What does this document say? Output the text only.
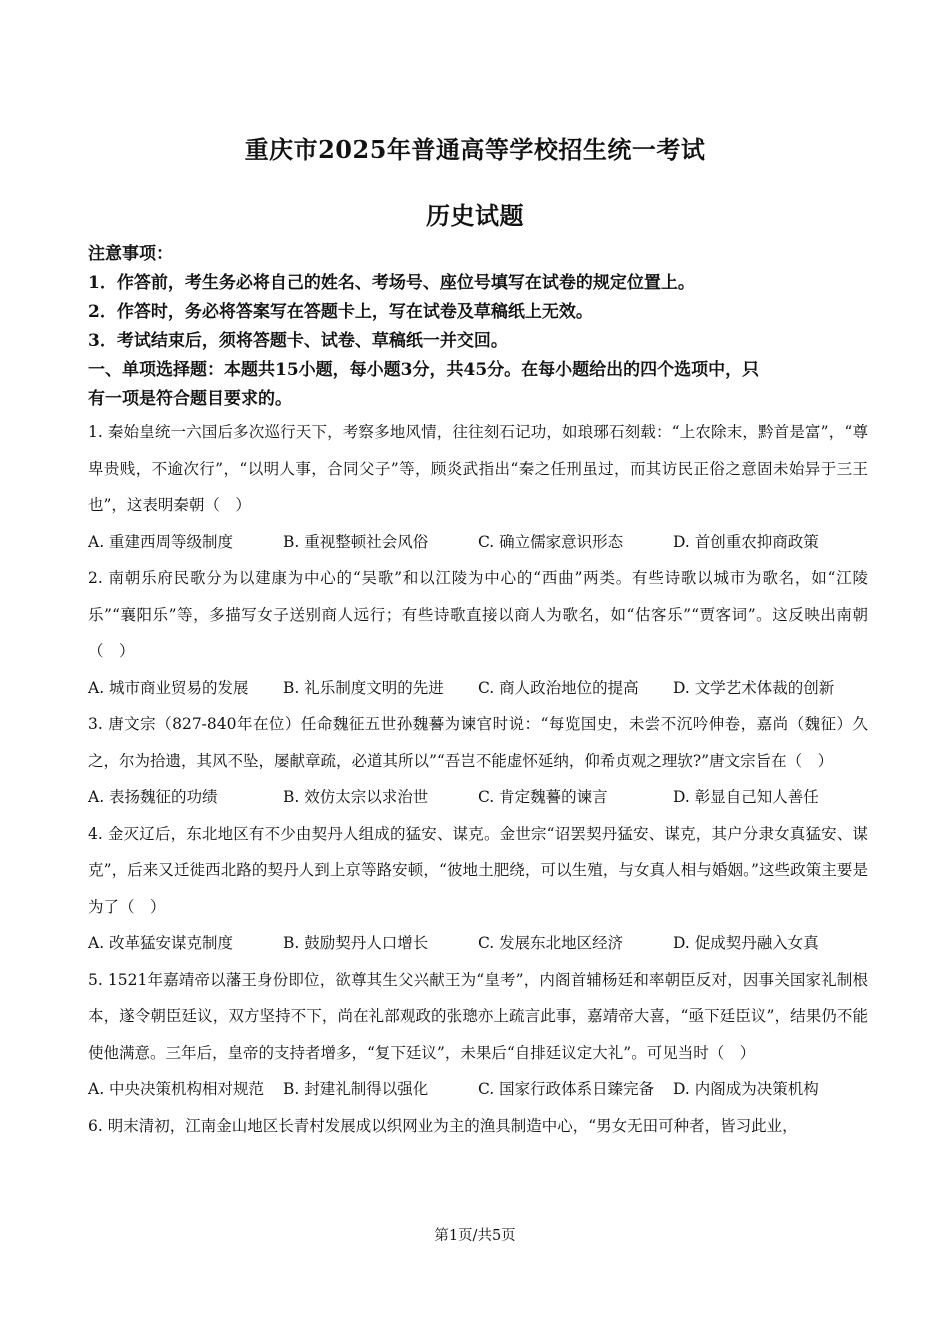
重庆市2025年普通高等学校招生统一考试
历史试题
注意事项：
1．作答前，考生务必将自己的姓名、考场号、座位号填写在试卷的规定位置上。
2．作答时，务必将答案写在答题卡上，写在试卷及草稿纸上无效。
3．考试结束后，须将答题卡、试卷、草稿纸一并交回。
一、单项选择题：本题共15小题，每小题3分，共45分。在每小题给出的四个选项中，只
有一项是符合题目要求的。
1. 秦始皇统一六国后多次巡行天下，考察多地风情，往往刻石记功，如琅琊石刻载：“上农除末，黔首是富”，“尊卑贵贱，不逾次行”，“以明人事，合同父子”等，顾炎武指出“秦之任刑虽过，而其访民正俗之意固未始异于三王也”，这表明秦朝（　）
A. 重建西周等级制度	B. 重视整顿社会风俗	C. 确立儒家意识形态	D. 首创重农抑商政策
2. 南朝乐府民歌分为以建康为中心的“吴歌”和以江陵为中心的“西曲”两类。有些诗歌以城市为歌名，如“江陵乐”“襄阳乐”等，多描写女子送别商人远行；有些诗歌直接以商人为歌名，如“估客乐”“贾客词”。这反映出南朝（　）
A. 城市商业贸易的发展	B. 礼乐制度文明的先进	C. 商人政治地位的提高	D. 文学艺术体裁的创新
3. 唐文宗（827-840年在位）任命魏征五世孙魏謩为谏官时说：“每览国史，未尝不沉吟伸卷，嘉尚（魏征）久之，尔为拾遗，其风不坠，屡献章疏，必道其所以”“吾岂不能虚怀延纳，仰希贞观之理欤?”唐文宗旨在（　）
A. 表扬魏征的功绩	B. 效仿太宗以求治世	C. 肯定魏謩的谏言	D. 彰显自己知人善任
4. 金灭辽后，东北地区有不少由契丹人组成的猛安、谋克。金世宗“诏罢契丹猛安、谋克，其户分隶女真猛安、谋克”，后来又迁徙西北路的契丹人到上京等路安顿，“彼地土肥绕，可以生殖，与女真人相与婚姻。”这些政策主要是为了（　）
A. 改革猛安谋克制度	B. 鼓励契丹人口增长	C. 发展东北地区经济	D. 促成契丹融入女真
5. 1521年嘉靖帝以藩王身份即位，欲尊其生父兴献王为“皇考”，内阁首辅杨廷和率朝臣反对，因事关国家礼制根本，遂令朝臣廷议，双方坚持不下，尚在礼部观政的张璁亦上疏言此事，嘉靖帝大喜，“亟下廷臣议”，结果仍不能使他满意。三年后，皇帝的支持者增多，“复下廷议”，未果后“自排廷议定大礼”。可见当时（　）
A. 中央决策机构相对规范	B. 封建礼制得以强化	C. 国家行政体系日臻完备	D. 内阁成为决策机构
6. 明末清初，江南金山地区长青村发展成以织网业为主的渔具制造中心，“男女无田可种者，皆习此业，
第1页/共5页
